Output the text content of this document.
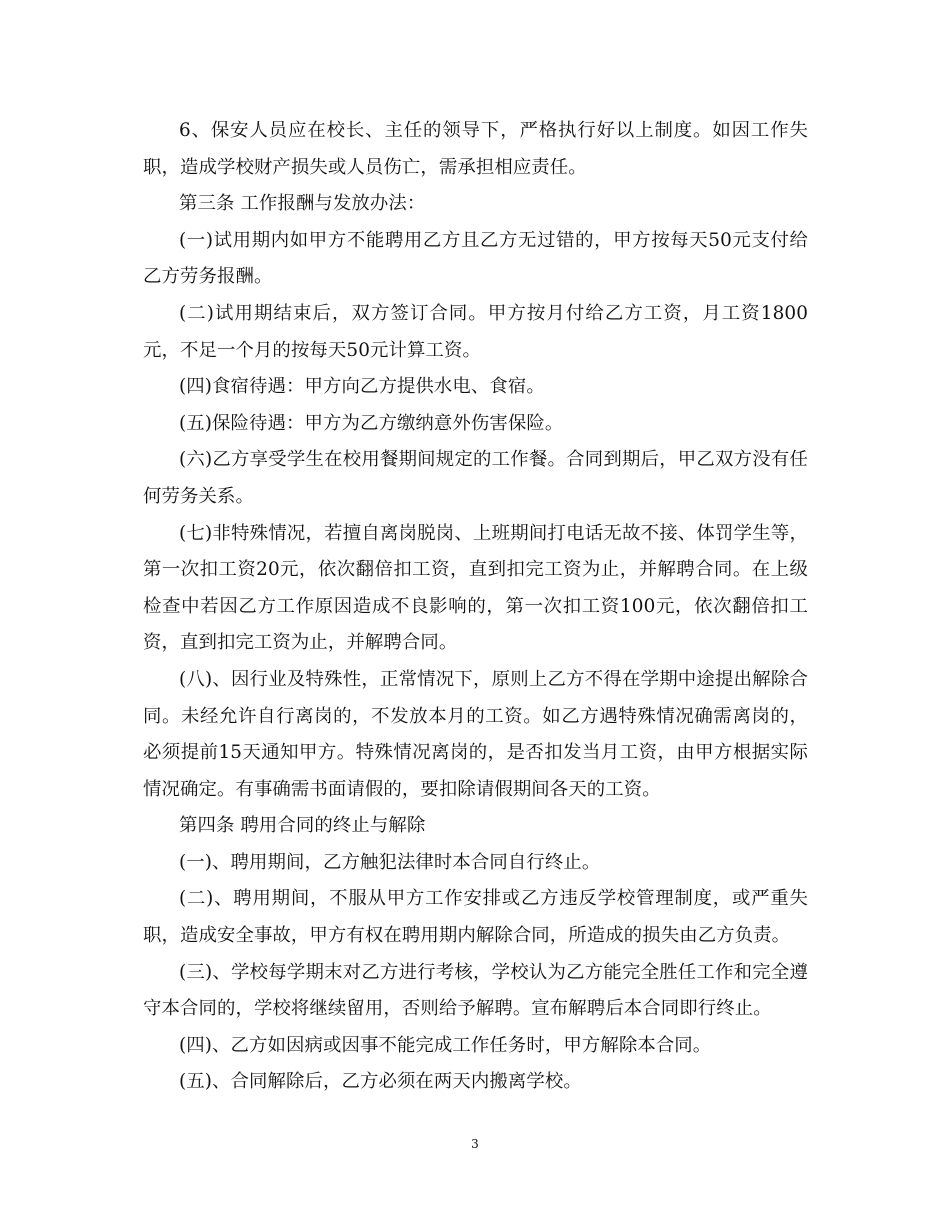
6、保安人员应在校长、主任的领导下，严格执行好以上制度。如因工作失职，造成学校财产损失或人员伤亡，需承担相应责任。

第三条 工作报酬与发放办法：

(一)试用期内如甲方不能聘用乙方且乙方无过错的，甲方按每天50元支付给乙方劳务报酬。

(二)试用期结束后，双方签订合同。甲方按月付给乙方工资，月工资1800元，不足一个月的按每天50元计算工资。

(四)食宿待遇：甲方向乙方提供水电、食宿。

(五)保险待遇：甲方为乙方缴纳意外伤害保险。

(六)乙方享受学生在校用餐期间规定的工作餐。合同到期后，甲乙双方没有任何劳务关系。

(七)非特殊情况，若擅自离岗脱岗、上班期间打电话无故不接、体罚学生等，第一次扣工资20元，依次翻倍扣工资，直到扣完工资为止，并解聘合同。在上级检查中若因乙方工作原因造成不良影响的，第一次扣工资100元，依次翻倍扣工资，直到扣完工资为止，并解聘合同。

(八)、因行业及特殊性，正常情况下，原则上乙方不得在学期中途提出解除合同。未经允许自行离岗的，不发放本月的工资。如乙方遇特殊情况确需离岗的，必须提前15天通知甲方。特殊情况离岗的，是否扣发当月工资，由甲方根据实际情况确定。有事确需书面请假的，要扣除请假期间各天的工资。

第四条 聘用合同的终止与解除

(一)、聘用期间，乙方触犯法律时本合同自行终止。

(二)、聘用期间，不服从甲方工作安排或乙方违反学校管理制度，或严重失职，造成安全事故，甲方有权在聘用期内解除合同，所造成的损失由乙方负责。

(三)、学校每学期末对乙方进行考核，学校认为乙方能完全胜任工作和完全遵守本合同的，学校将继续留用，否则给予解聘。宣布解聘后本合同即行终止。

(四)、乙方如因病或因事不能完成工作任务时，甲方解除本合同。

(五)、合同解除后，乙方必须在两天内搬离学校。

3
